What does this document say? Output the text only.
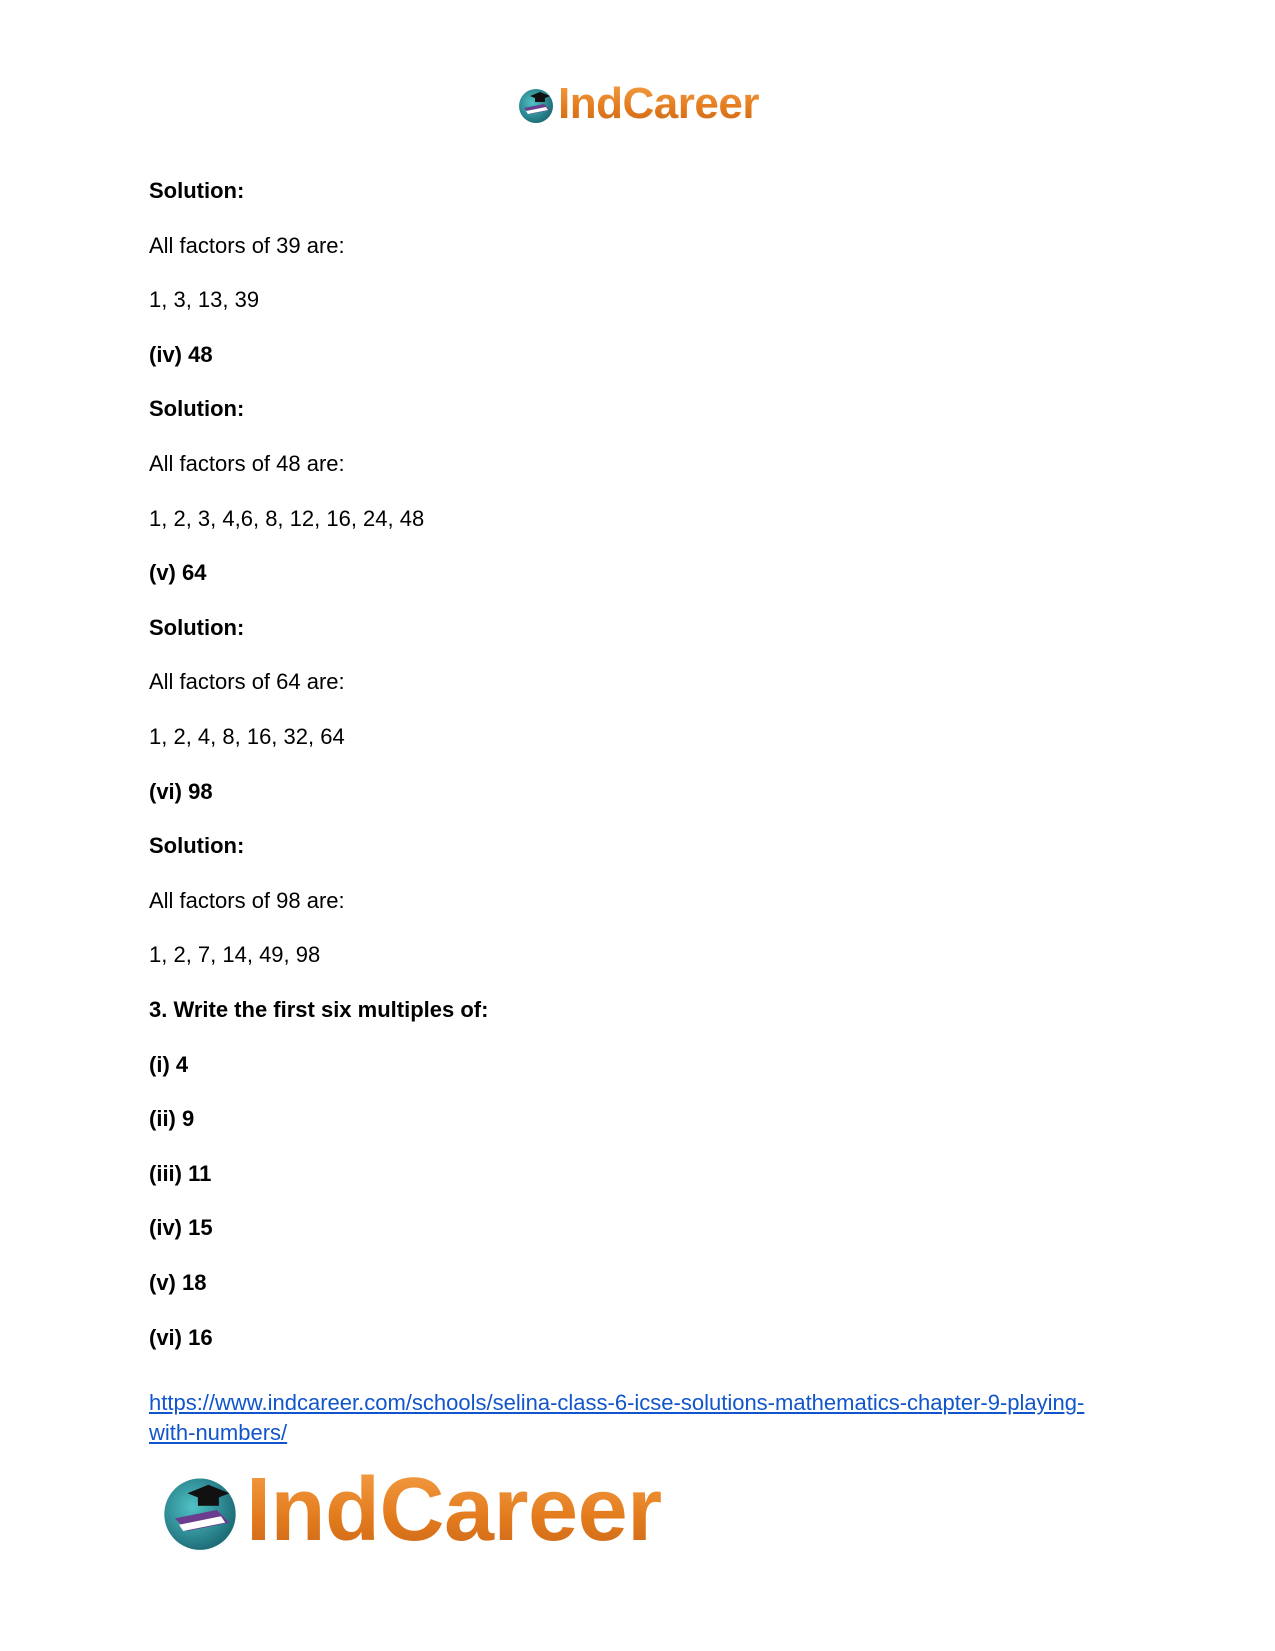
IndCareer
Solution:
All factors of 39 are:
1, 3, 13, 39
(iv) 48
Solution:
All factors of 48 are:
1, 2, 3, 4,6, 8, 12, 16, 24, 48
(v) 64
Solution:
All factors of 64 are:
1, 2, 4, 8, 16, 32, 64
(vi) 98
Solution:
All factors of 98 are:
1, 2, 7, 14, 49, 98
3. Write the first six multiples of:
(i) 4
(ii) 9
(iii) 11
(iv) 15
(v) 18
(vi) 16
https://www.indcareer.com/schools/selina-class-6-icse-solutions-mathematics-chapter-9-playing-
with-numbers/
IndCareer
